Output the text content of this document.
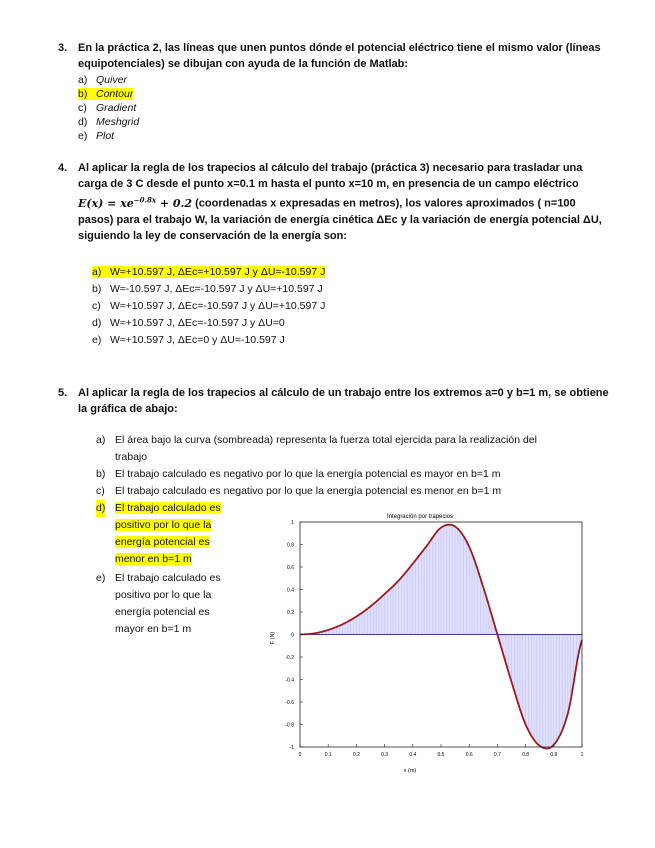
3. En la práctica 2, las líneas que unen puntos dónde el potencial eléctrico tiene el mismo valor (líneas equipotenciales) se dibujan con ayuda de la función de Matlab:
a) Quiver
b) Contour
c) Gradient
d) Meshgrid
e) Plot
4. Al aplicar la regla de los trapecios al cálculo del trabajo (práctica 3) necesario para trasladar una
carga de 3 C desde el punto x=0.1 m hasta el punto x=10 m, en presencia de un campo eléctrico
$E(x) = xe^{-0.8x} + 0.2$ (coordenadas x expresadas en metros), los valores aproximados ( n=100
pasos) para el trabajo W, la variación de energía cinética ΔEc y la variación de energía potencial ΔU,
siguiendo la ley de conservación de la energía son:
a) W≈+10.597 J, ΔEc=+10.597 J y ΔU=-10.597 J
b) W≈-10.597 J, ΔEc=-10.597 J y ΔU=+10.597 J
c) W≈+10.597 J, ΔEc=-10.597 J y ΔU=+10.597 J
d) W≈+10.597 J, ΔEc=-10.597 J y ΔU=0
e) W≈+10.597 J, ΔEc=0 y ΔU=-10.597 J
5. Al aplicar la regla de los trapecios al cálculo de un trabajo entre los extremos a=0 y b=1 m, se obtiene
la gráfica de abajo:
a) El área bajo la curva (sombreada) representa la fuerza total ejercida para la realización del
trabajo
b) El trabajo calculado es negativo por lo que la energía potencial es mayor en b=1 m
c) El trabajo calculado es negativo por lo que la energía potencial es menor en b=1 m
d) El trabajo calculado es
positivo por lo que la
energía potencial es
menor en b=1 m
e) El trabajo calculado es
positivo por lo que la
energía potencial es
mayor en b=1 m
Integración por trapecios
0	0.1	0.2	0.3	0.4	0.5	0.6	0.7	0.8	0.9	1
1
0.8
0.6
0.4
0.2
0
-0.2
-0.4
-0.6
-0.8
-1
x (m)
F (N)
